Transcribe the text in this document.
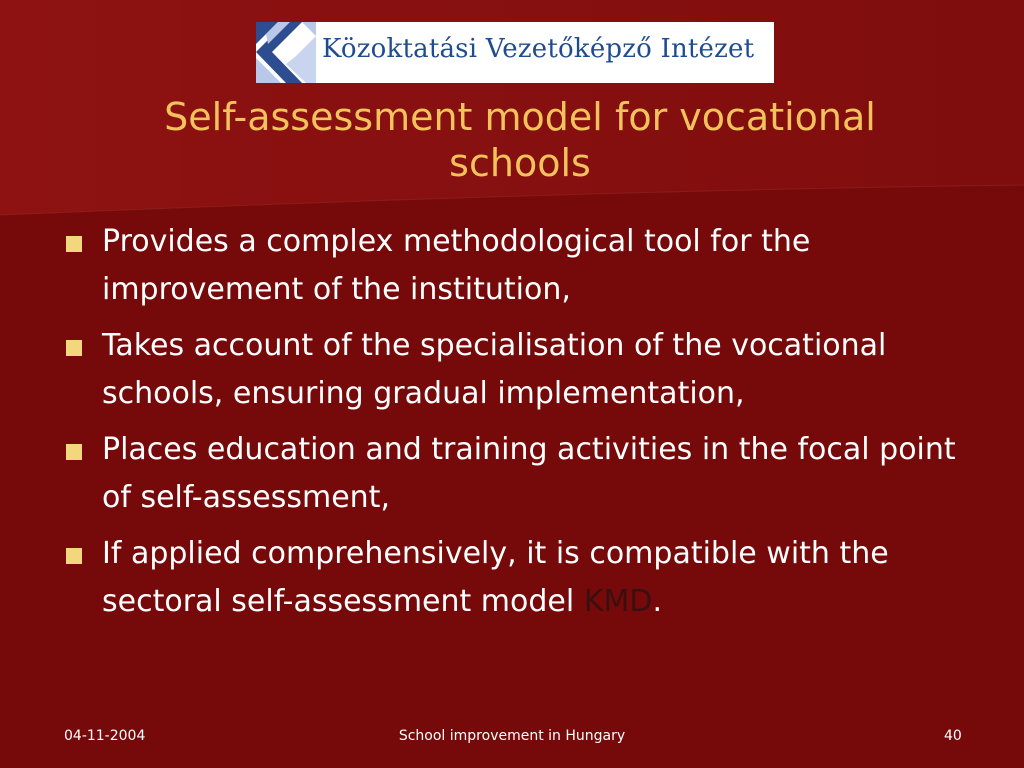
Közoktatási Vezetőképző Intézet
Self-assessment model for vocational schools
Provides a complex methodological tool for the improvement of the institution,
Takes account of the specialisation of the vocational schools, ensuring gradual implementation,
Places education and training activities in the focal point of self-assessment,
If applied comprehensively, it is compatible with the sectoral self-assessment model KMD.
04-11-2004	School improvement in Hungary	40
